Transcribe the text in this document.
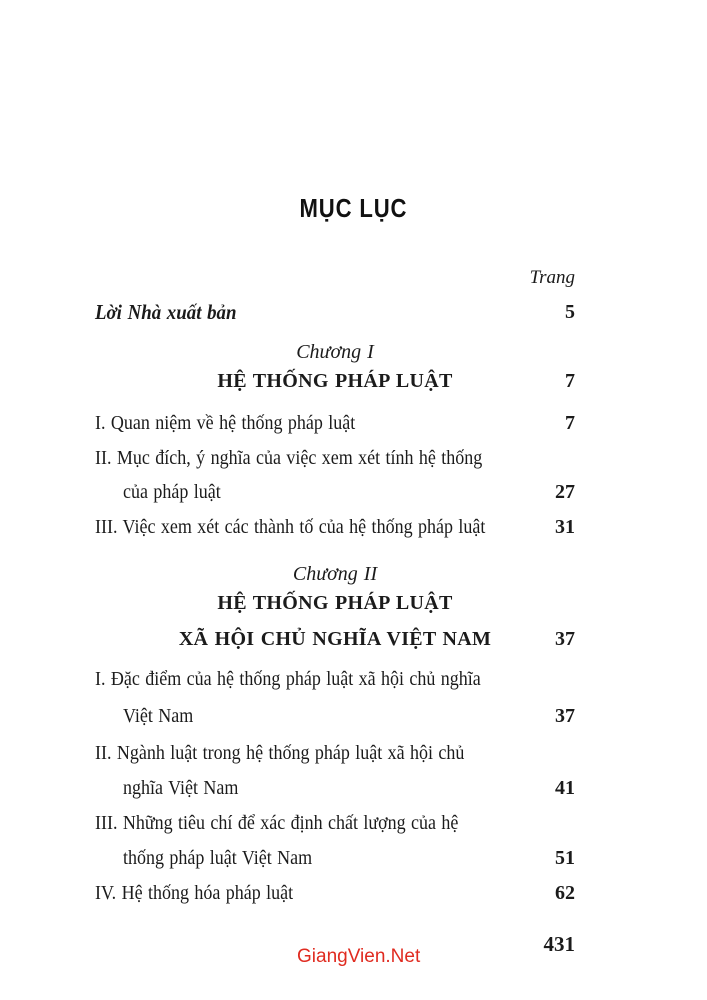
MỤC LỤC
Trang
Lời Nhà xuất bản	5
Chương I
HỆ THỐNG PHÁP LUẬT	7
I. Quan niệm về hệ thống pháp luật	7
II. Mục đích, ý nghĩa của việc xem xét tính hệ thống
của pháp luật	27
III. Việc xem xét các thành tố của hệ thống pháp luật	31
Chương II
HỆ THỐNG PHÁP LUẬT
XÃ HỘI CHỦ NGHĨA VIỆT NAM	37
I. Đặc điểm của hệ thống pháp luật xã hội chủ nghĩa
Việt Nam	37
II. Ngành luật trong hệ thống pháp luật xã hội chủ
nghĩa Việt Nam	41
III. Những tiêu chí để xác định chất lượng của hệ
thống pháp luật Việt Nam	51
IV. Hệ thống hóa pháp luật	62
431
GiangVien.Net
